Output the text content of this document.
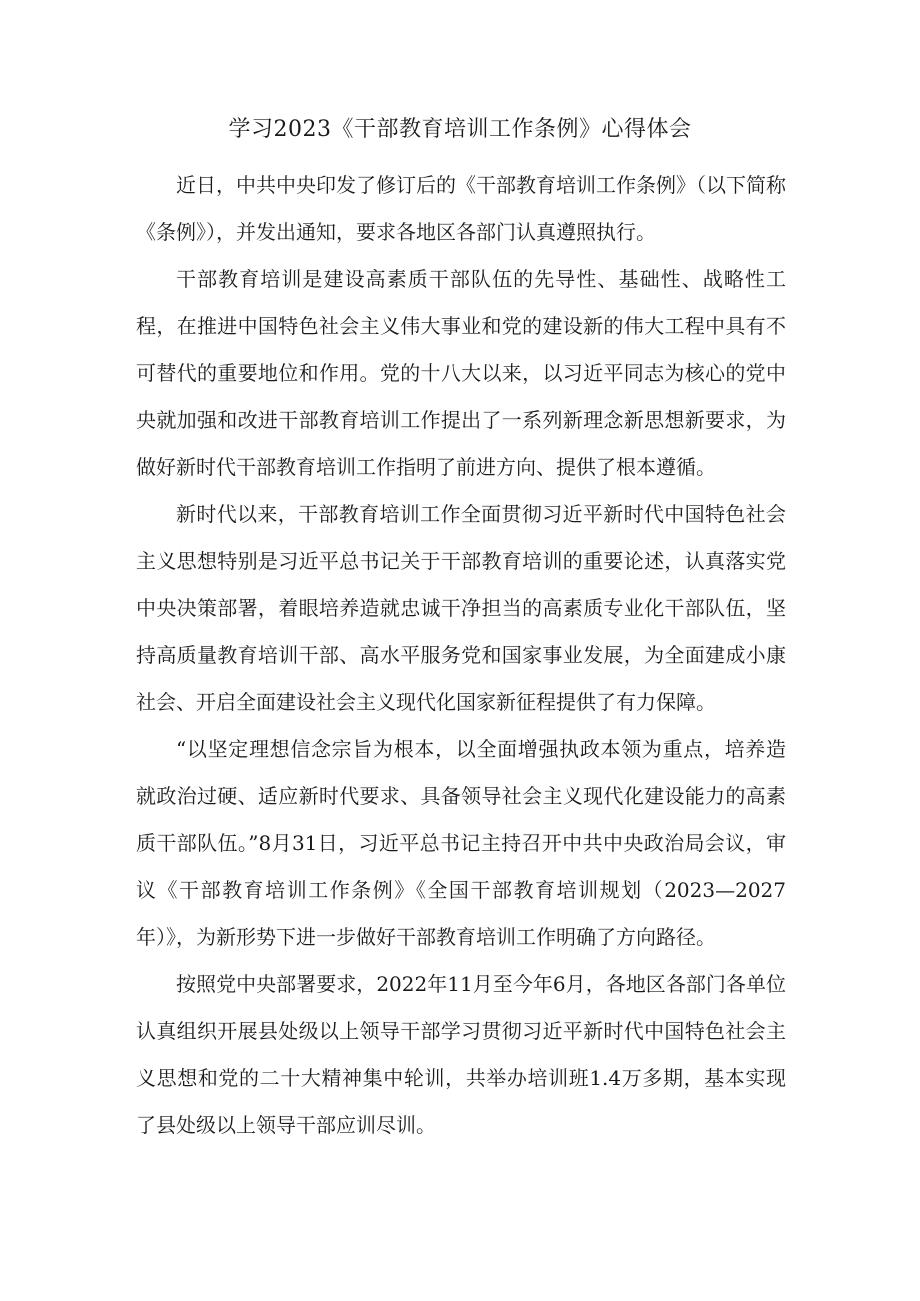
学习2023《干部教育培训工作条例》心得体会

近日，中共中央印发了修订后的《干部教育培训工作条例》（以下简称《条例》），并发出通知，要求各地区各部门认真遵照执行。

干部教育培训是建设高素质干部队伍的先导性、基础性、战略性工程，在推进中国特色社会主义伟大事业和党的建设新的伟大工程中具有不可替代的重要地位和作用。党的十八大以来，以习近平同志为核心的党中央就加强和改进干部教育培训工作提出了一系列新理念新思想新要求，为做好新时代干部教育培训工作指明了前进方向、提供了根本遵循。

新时代以来，干部教育培训工作全面贯彻习近平新时代中国特色社会主义思想特别是习近平总书记关于干部教育培训的重要论述，认真落实党中央决策部署，着眼培养造就忠诚干净担当的高素质专业化干部队伍，坚持高质量教育培训干部、高水平服务党和国家事业发展，为全面建成小康社会、开启全面建设社会主义现代化国家新征程提供了有力保障。

“以坚定理想信念宗旨为根本，以全面增强执政本领为重点，培养造就政治过硬、适应新时代要求、具备领导社会主义现代化建设能力的高素质干部队伍。”8月31日，习近平总书记主持召开中共中央政治局会议，审议《干部教育培训工作条例》《全国干部教育培训规划（2023—2027年）》，为新形势下进一步做好干部教育培训工作明确了方向路径。

按照党中央部署要求，2022年11月至今年6月，各地区各部门各单位认真组织开展县处级以上领导干部学习贯彻习近平新时代中国特色社会主义思想和党的二十大精神集中轮训，共举办培训班1.4万多期，基本实现了县处级以上领导干部应训尽训。
